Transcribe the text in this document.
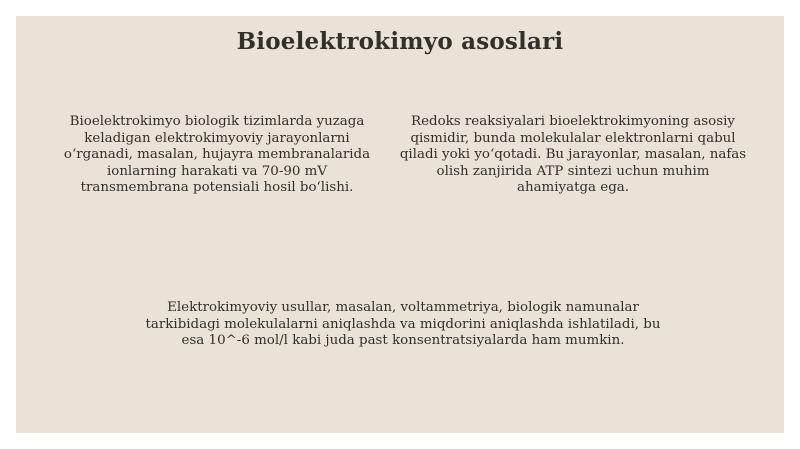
Bioelektrokimyo asoslari

Bioelektrokimyo biologik tizimlarda yuzaga keladigan elektrokimyoviy jarayonlarni o‘rganadi, masalan, hujayra membranalarida ionlarning harakati va 70-90 mV transmembrana potensiali hosil bo‘lishi.

Redoks reaksiyalari bioelektrokimyoning asosiy qismidir, bunda molekulalar elektronlarni qabul qiladi yoki yo‘qotadi. Bu jarayonlar, masalan, nafas olish zanjirida ATP sintezi uchun muhim ahamiyatga ega.

Elektrokimyoviy usullar, masalan, voltammetriya, biologik namunalar tarkibidagi molekulalarni aniqlashda va miqdorini aniqlashda ishlatiladi, bu esa 10^-6 mol/l kabi juda past konsentratsiyalarda ham mumkin.
